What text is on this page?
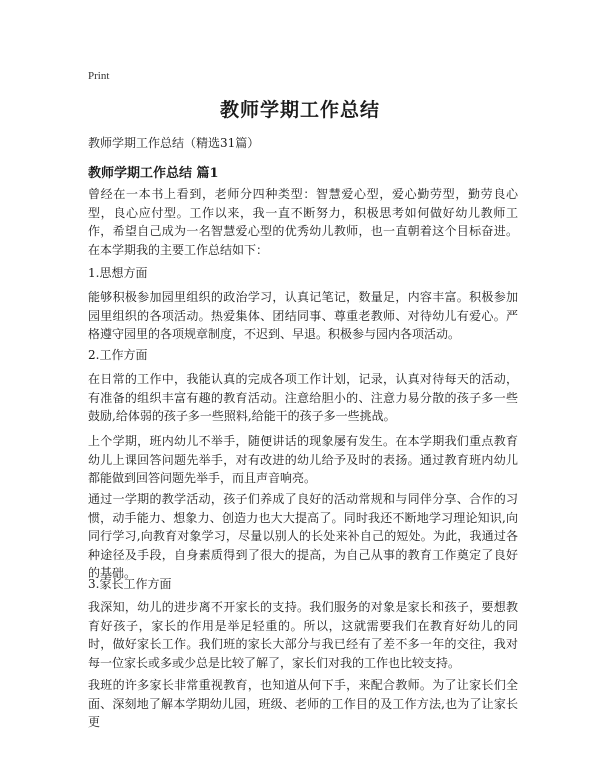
Print
教师学期工作总结
教师学期工作总结（精选31篇）
教师学期工作总结 篇1

曾经在一本书上看到，老师分四种类型：智慧爱心型，爱心勤劳型，勤劳良心型，良心应付型。工作以来，我一直不断努力，积极思考如何做好幼儿教师工作，希望自己成为一名智慧爱心型的优秀幼儿教师，也一直朝着这个目标奋进。在本学期我的主要工作总结如下：

1.思想方面

能够积极参加园里组织的政治学习，认真记笔记，数量足，内容丰富。积极参加园里组织的各项活动。热爱集体、团结同事、尊重老教师、对待幼儿有爱心。严格遵守园里的各项规章制度，不迟到、早退。积极参与园内各项活动。

2.工作方面

在日常的工作中，我能认真的完成各项工作计划，记录，认真对待每天的活动，有准备的组织丰富有趣的教育活动。注意给胆小的、注意力易分散的孩子多一些鼓励,给体弱的孩子多一些照料,给能干的孩子多一些挑战。

上个学期，班内幼儿不举手，随便讲话的现象屡有发生。在本学期我们重点教育幼儿上课回答问题先举手，对有改进的幼儿给予及时的表扬。通过教育班内幼儿都能做到回答问题先举手，而且声音响亮。

通过一学期的教学活动，孩子们养成了良好的活动常规和与同伴分享、合作的习惯，动手能力、想象力、创造力也大大提高了。同时我还不断地学习理论知识,向同行学习,向教育对象学习，尽量以别人的长处来补自己的短处。为此，我通过各种途径及手段，自身素质得到了很大的提高，为自己从事的教育工作奠定了良好的基础。

3.家长工作方面

我深知，幼儿的进步离不开家长的支持。我们服务的对象是家长和孩子，要想教育好孩子，家长的作用是举足轻重的。所以，这就需要我们在教育好幼儿的同时，做好家长工作。我们班的家长大部分与我已经有了差不多一年的交往，我对每一位家长或多或少总是比较了解了，家长们对我的工作也比较支持。

我班的许多家长非常重视教育，也知道从何下手，来配合教师。为了让家长们全面、深刻地了解本学期幼儿园，班级、老师的工作目的及工作方法,也为了让家长更
